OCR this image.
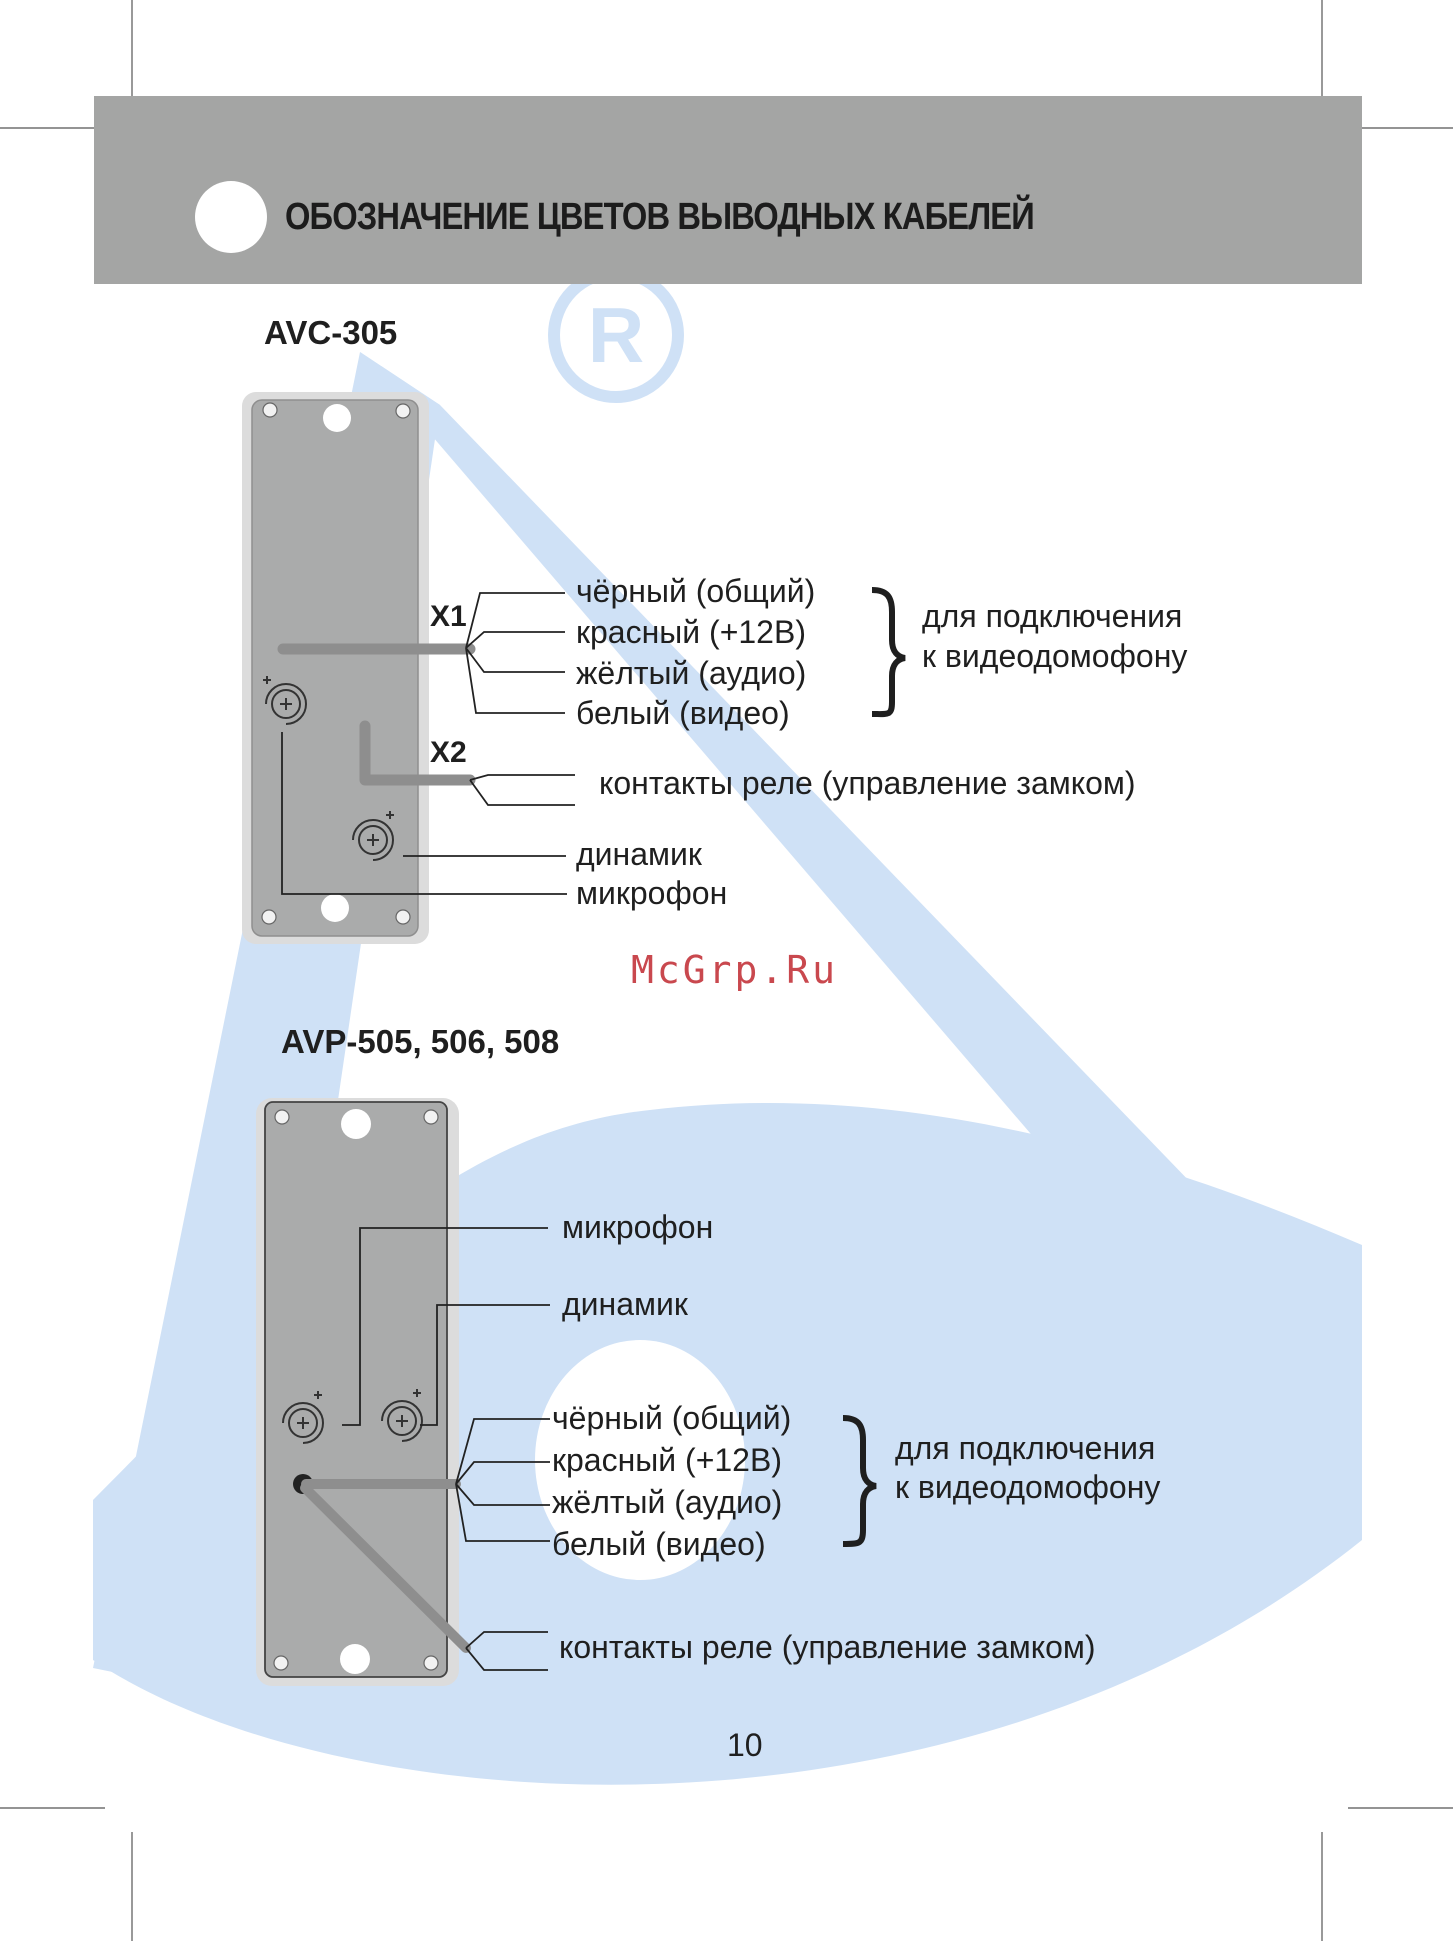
R
ОБОЗНАЧЕНИЕ ЦВЕТОВ ВЫВОДНЫХ КАБЕЛЕЙ
AVC-305
X1
X2
чёрный (общий)
красный (+12В)
жёлтый (аудио)
белый (видео)
для подключения
к видеодомофону
контакты реле (управление замком)
динамик
микрофон
McGrp.Ru
AVP-505, 506, 508
микрофон
динамик
чёрный (общий)
красный (+12В)
жёлтый (аудио)
белый (видео)
для подключения
к видеодомофону
контакты реле (управление замком)
10
